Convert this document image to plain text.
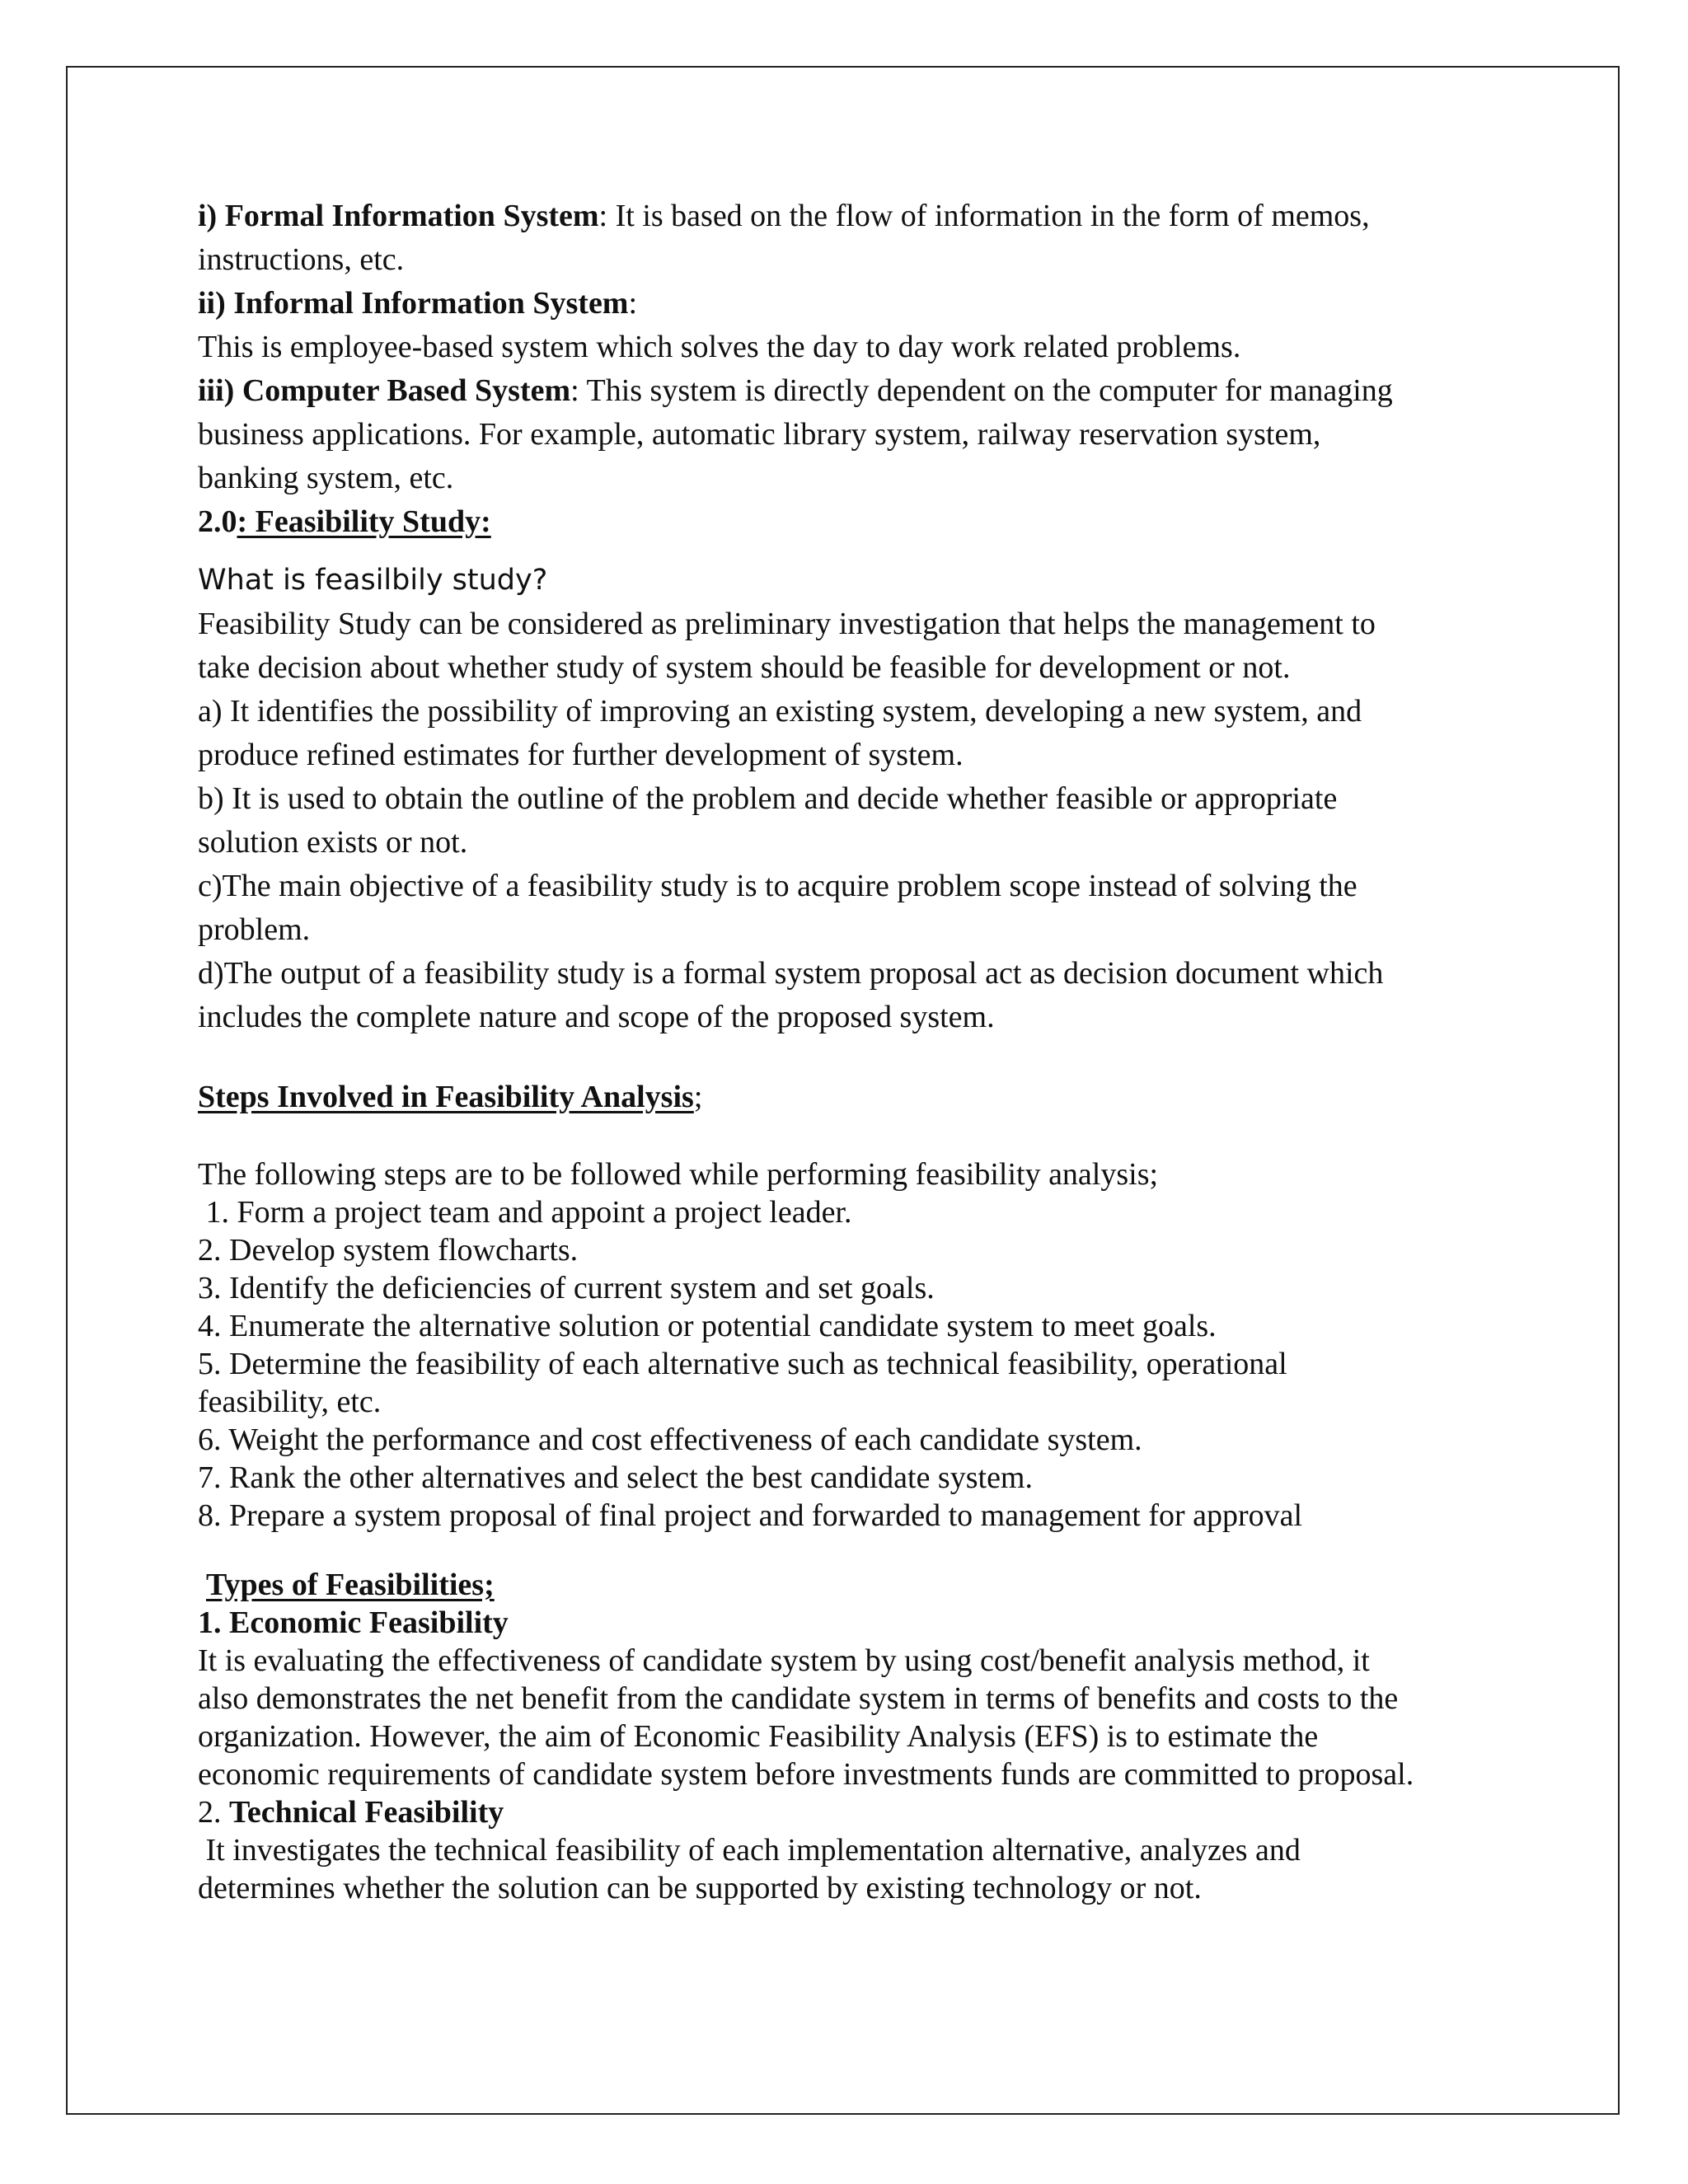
i) Formal Information System: It is based on the flow of information in the form of memos,

instructions, etc.

ii) Informal Information System:

This is employee-based system which solves the day to day work related problems.

iii) Computer Based System: This system is directly dependent on the computer for managing

business applications. For example, automatic library system, railway reservation system,

banking system, etc.

2.0: Feasibility Study:

What is feasilbily study?

Feasibility Study can be considered as preliminary investigation that helps the management to

take decision about whether study of system should be feasible for development or not.

a) It identifies the possibility of improving an existing system, developing a new system, and

produce refined estimates for further development of system.

b) It is used to obtain the outline of the problem and decide whether feasible or appropriate

solution exists or not.

c)The main objective of a feasibility study is to acquire problem scope instead of solving the

problem.

d)The output of a feasibility study is a formal system proposal act as decision document which

includes the complete nature and scope of the proposed system.

Steps Involved in Feasibility Analysis;

The following steps are to be followed while performing feasibility analysis;

1. Form a project team and appoint a project leader.

2. Develop system flowcharts.

3. Identify the deficiencies of current system and set goals.

4. Enumerate the alternative solution or potential candidate system to meet goals.

5. Determine the feasibility of each alternative such as technical feasibility, operational

feasibility, etc.

6. Weight the performance and cost effectiveness of each candidate system.

7. Rank the other alternatives and select the best candidate system.

8. Prepare a system proposal of final project and forwarded to management for approval

Types of Feasibilities;

1. Economic Feasibility

It is evaluating the effectiveness of candidate system by using cost/benefit analysis method, it

also demonstrates the net benefit from the candidate system in terms of benefits and costs to the

organization. However, the aim of Economic Feasibility Analysis (EFS) is to estimate the

economic requirements of candidate system before investments funds are committed to proposal.

2. Technical Feasibility

It investigates the technical feasibility of each implementation alternative, analyzes and

determines whether the solution can be supported by existing technology or not.
